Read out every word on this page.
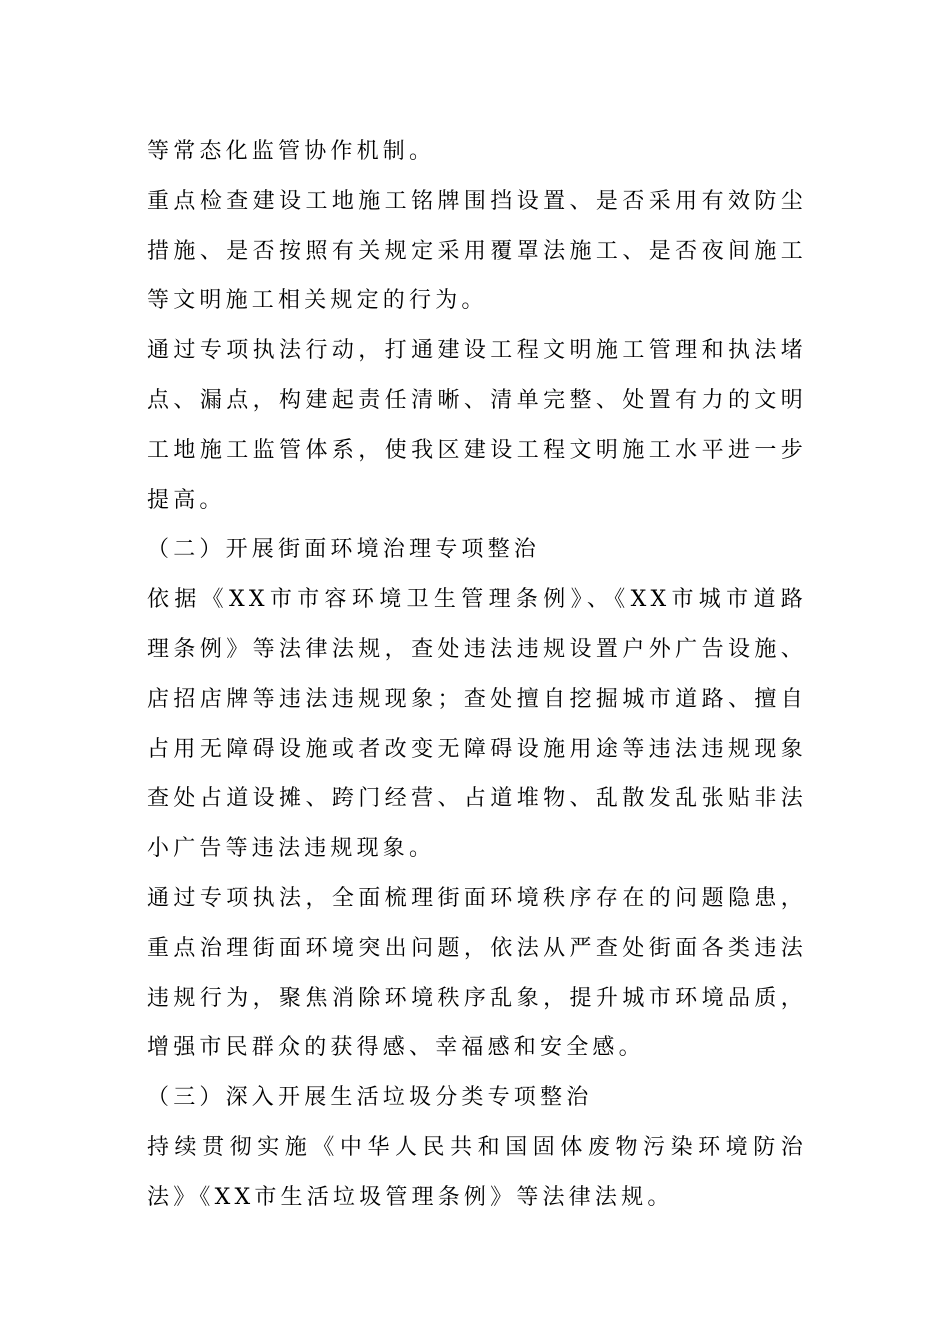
等常态化监管协作机制。
重点检查建设工地施工铭牌围挡设置、是否采用有效防尘
措施、是否按照有关规定采用覆罩法施工、是否夜间施工
等文明施工相关规定的行为。
通过专项执法行动，打通建设工程文明施工管理和执法堵
点、漏点，构建起责任清晰、清单完整、处置有力的文明
工地施工监管体系，使我区建设工程文明施工水平进一步
提高。
（二）开展街面环境治理专项整治
依据《XX市市容环境卫生管理条例》、《XX市城市道路
理条例》等法律法规，查处违法违规设置户外广告设施、
店招店牌等违法违规现象；查处擅自挖掘城市道路、擅自
占用无障碍设施或者改变无障碍设施用途等违法违规现象
查处占道设摊、跨门经营、占道堆物、乱散发乱张贴非法
小广告等违法违规现象。
通过专项执法，全面梳理街面环境秩序存在的问题隐患，
重点治理街面环境突出问题，依法从严查处街面各类违法
违规行为，聚焦消除环境秩序乱象，提升城市环境品质，
增强市民群众的获得感、幸福感和安全感。
（三）深入开展生活垃圾分类专项整治
持续贯彻实施《中华人民共和国固体废物污染环境防治
法》《XX市生活垃圾管理条例》等法律法规。
